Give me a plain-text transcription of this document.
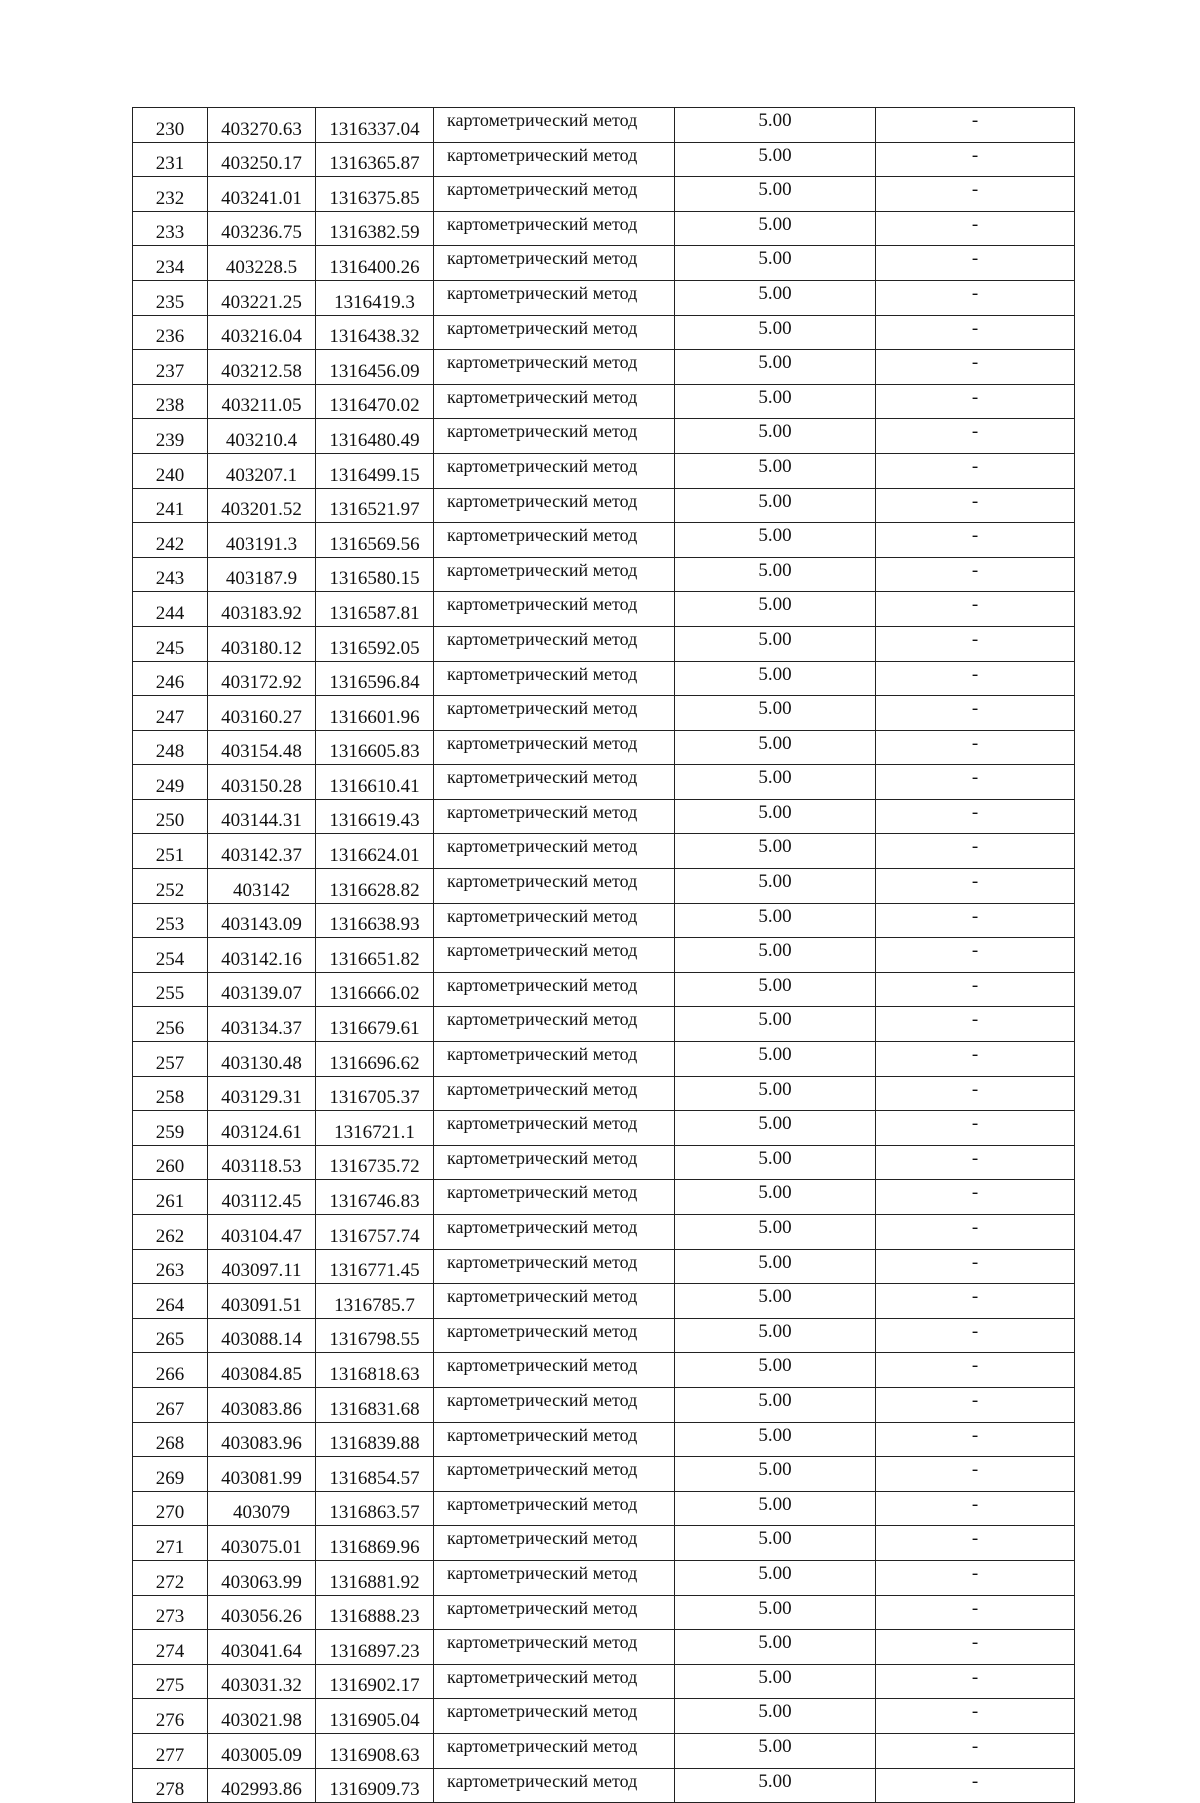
230	403270.63	1316337.04	картометрический метод	5.00	-
231	403250.17	1316365.87	картометрический метод	5.00	-
232	403241.01	1316375.85	картометрический метод	5.00	-
233	403236.75	1316382.59	картометрический метод	5.00	-
234	403228.5	1316400.26	картометрический метод	5.00	-
235	403221.25	1316419.3	картометрический метод	5.00	-
236	403216.04	1316438.32	картометрический метод	5.00	-
237	403212.58	1316456.09	картометрический метод	5.00	-
238	403211.05	1316470.02	картометрический метод	5.00	-
239	403210.4	1316480.49	картометрический метод	5.00	-
240	403207.1	1316499.15	картометрический метод	5.00	-
241	403201.52	1316521.97	картометрический метод	5.00	-
242	403191.3	1316569.56	картометрический метод	5.00	-
243	403187.9	1316580.15	картометрический метод	5.00	-
244	403183.92	1316587.81	картометрический метод	5.00	-
245	403180.12	1316592.05	картометрический метод	5.00	-
246	403172.92	1316596.84	картометрический метод	5.00	-
247	403160.27	1316601.96	картометрический метод	5.00	-
248	403154.48	1316605.83	картометрический метод	5.00	-
249	403150.28	1316610.41	картометрический метод	5.00	-
250	403144.31	1316619.43	картометрический метод	5.00	-
251	403142.37	1316624.01	картометрический метод	5.00	-
252	403142	1316628.82	картометрический метод	5.00	-
253	403143.09	1316638.93	картометрический метод	5.00	-
254	403142.16	1316651.82	картометрический метод	5.00	-
255	403139.07	1316666.02	картометрический метод	5.00	-
256	403134.37	1316679.61	картометрический метод	5.00	-
257	403130.48	1316696.62	картометрический метод	5.00	-
258	403129.31	1316705.37	картометрический метод	5.00	-
259	403124.61	1316721.1	картометрический метод	5.00	-
260	403118.53	1316735.72	картометрический метод	5.00	-
261	403112.45	1316746.83	картометрический метод	5.00	-
262	403104.47	1316757.74	картометрический метод	5.00	-
263	403097.11	1316771.45	картометрический метод	5.00	-
264	403091.51	1316785.7	картометрический метод	5.00	-
265	403088.14	1316798.55	картометрический метод	5.00	-
266	403084.85	1316818.63	картометрический метод	5.00	-
267	403083.86	1316831.68	картометрический метод	5.00	-
268	403083.96	1316839.88	картометрический метод	5.00	-
269	403081.99	1316854.57	картометрический метод	5.00	-
270	403079	1316863.57	картометрический метод	5.00	-
271	403075.01	1316869.96	картометрический метод	5.00	-
272	403063.99	1316881.92	картометрический метод	5.00	-
273	403056.26	1316888.23	картометрический метод	5.00	-
274	403041.64	1316897.23	картометрический метод	5.00	-
275	403031.32	1316902.17	картометрический метод	5.00	-
276	403021.98	1316905.04	картометрический метод	5.00	-
277	403005.09	1316908.63	картометрический метод	5.00	-
278	402993.86	1316909.73	картометрический метод	5.00	-
